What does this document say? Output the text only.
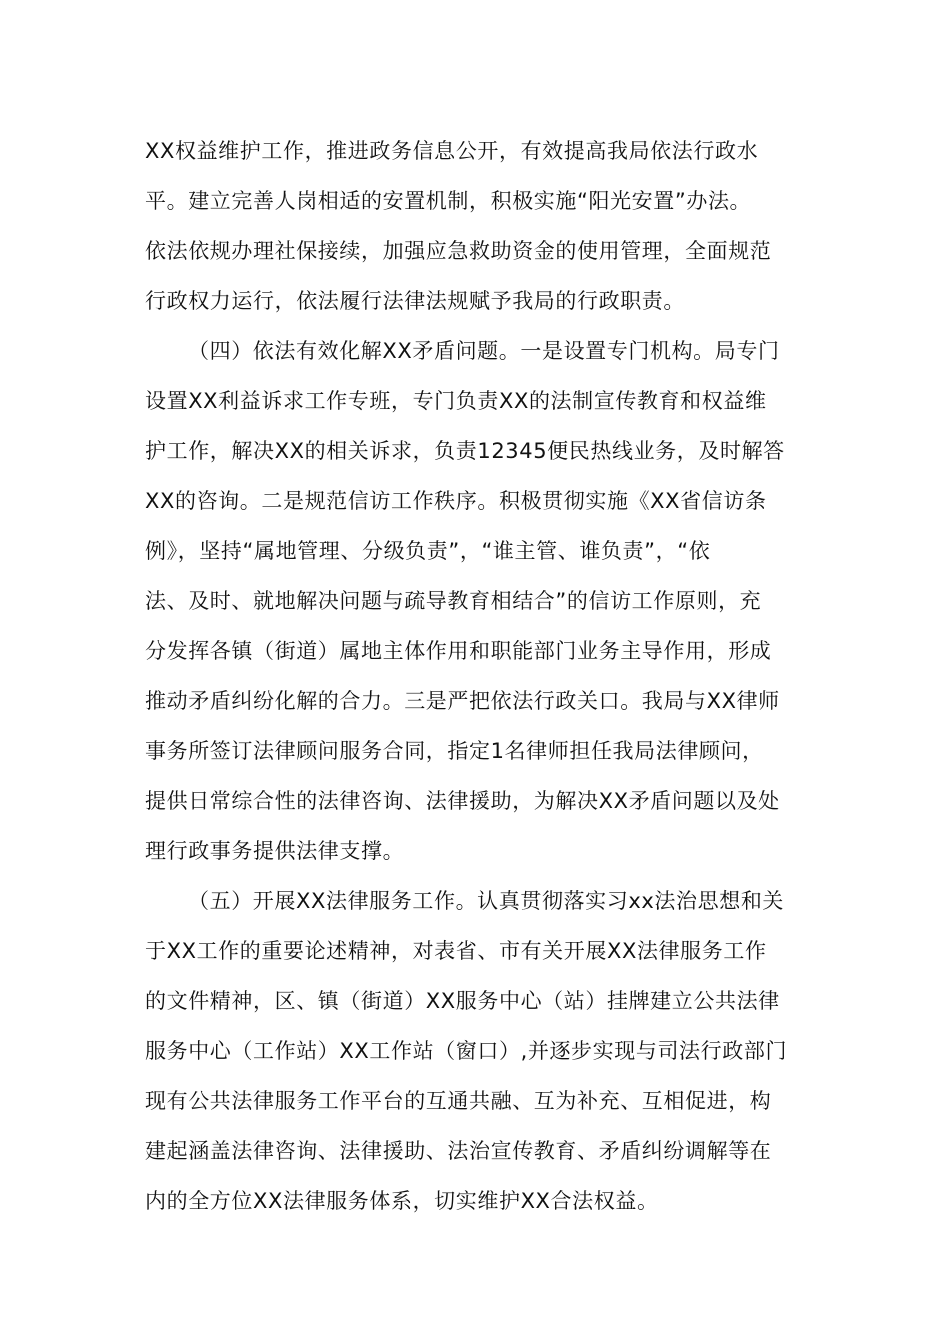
XX权益维护工作，推进政务信息公开，有效提高我局依法行政水
平。建立完善人岗相适的安置机制，积极实施“阳光安置”办法。
依法依规办理社保接续，加强应急救助资金的使用管理，全面规范
行政权力运行，依法履行法律法规赋予我局的行政职责。
（四）依法有效化解XX矛盾问题。一是设置专门机构。局专门
设置XX利益诉求工作专班，专门负责XX的法制宣传教育和权益维
护工作，解决XX的相关诉求，负责12345便民热线业务，及时解答
XX的咨询。二是规范信访工作秩序。积极贯彻实施《XX省信访条
例》，坚持“属地管理、分级负责”，“谁主管、谁负责”，“依
法、及时、就地解决问题与疏导教育相结合”的信访工作原则，充
分发挥各镇（街道）属地主体作用和职能部门业务主导作用，形成
推动矛盾纠纷化解的合力。三是严把依法行政关口。我局与XX律师
事务所签订法律顾问服务合同，指定1名律师担任我局法律顾问，
提供日常综合性的法律咨询、法律援助，为解决XX矛盾问题以及处
理行政事务提供法律支撑。
（五）开展XX法律服务工作。认真贯彻落实习xx法治思想和关
于XX工作的重要论述精神，对表省、市有关开展XX法律服务工作
的文件精神，区、镇（街道）XX服务中心（站）挂牌建立公共法律
服务中心（工作站）XX工作站（窗口）,并逐步实现与司法行政部门
现有公共法律服务工作平台的互通共融、互为补充、互相促进，构
建起涵盖法律咨询、法律援助、法治宣传教育、矛盾纠纷调解等在
内的全方位XX法律服务体系，切实维护XX合法权益。
